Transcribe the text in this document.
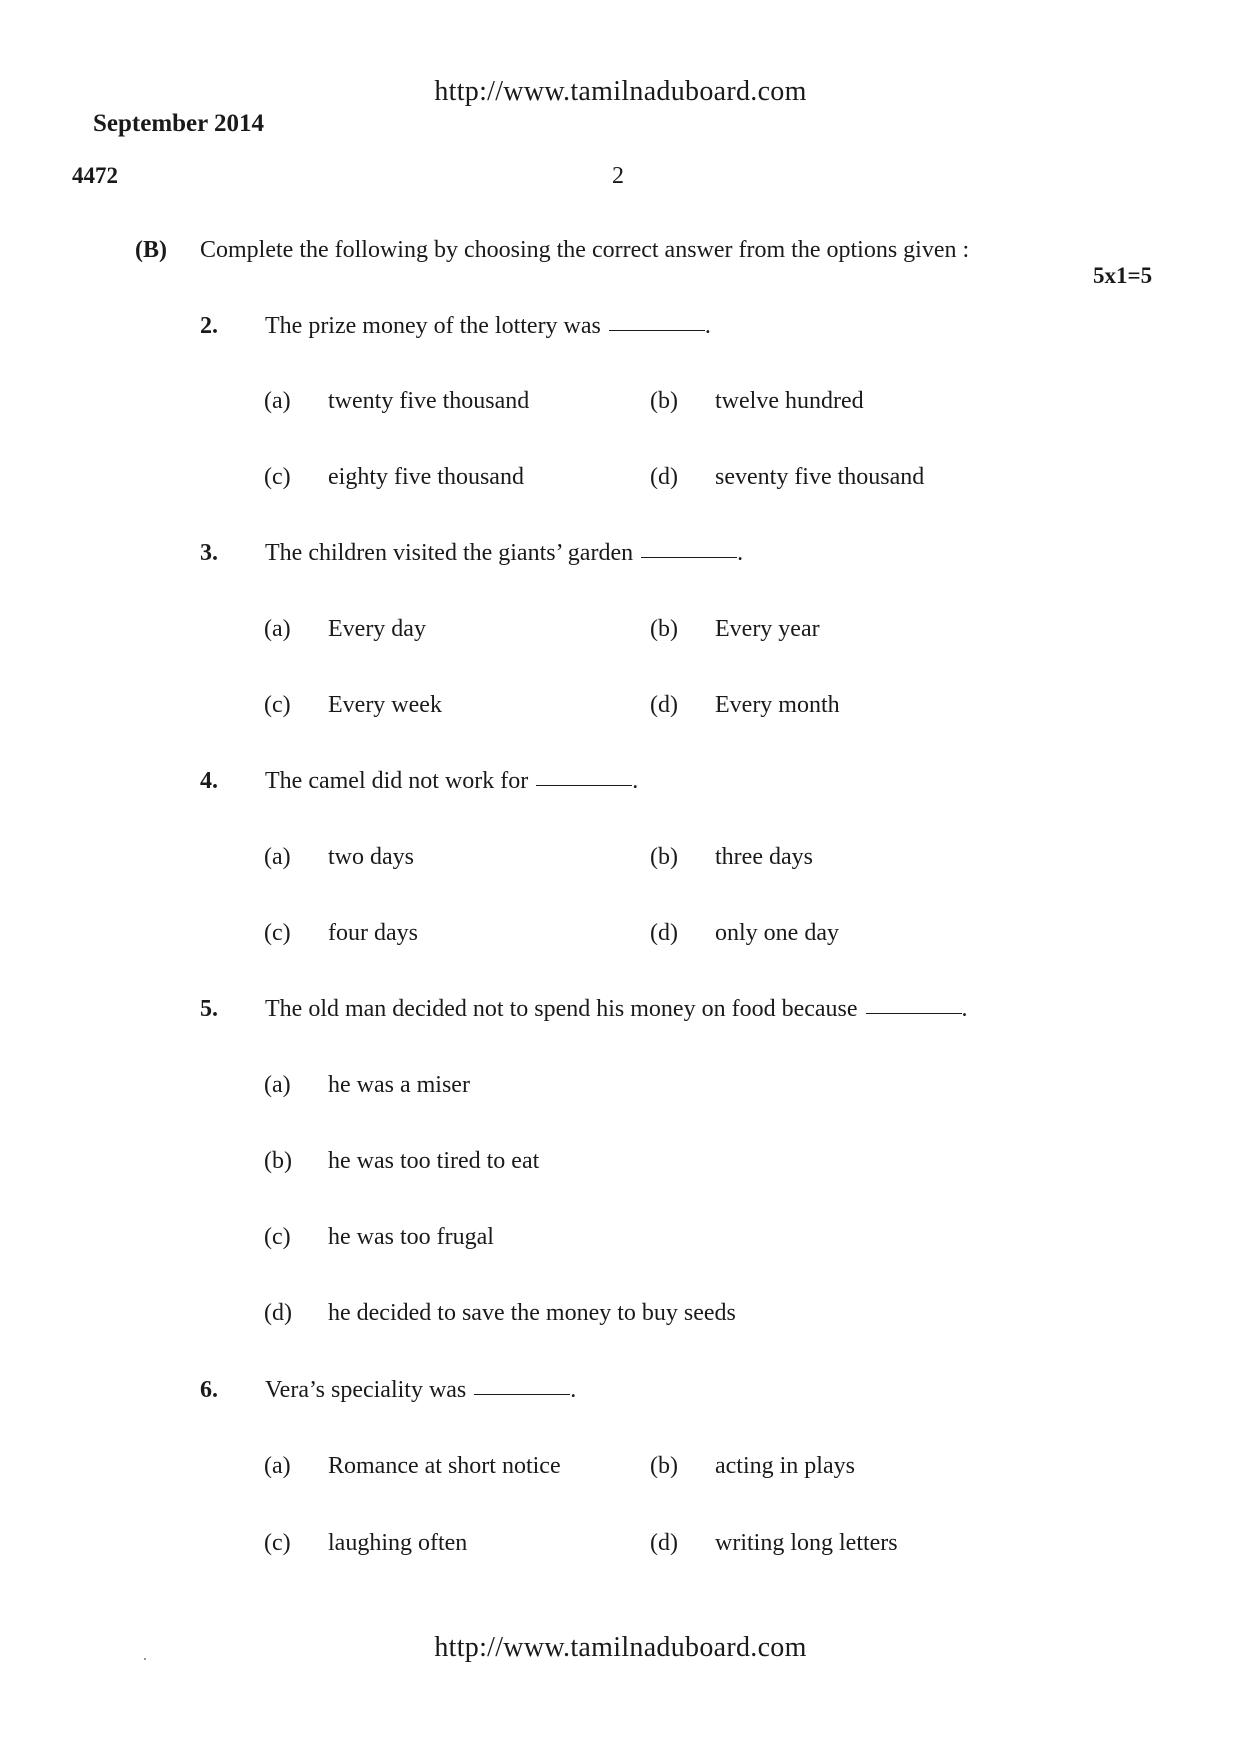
http://www.tamilnaduboard.com
September 2014
4472	2
(B) Complete the following by choosing the correct answer from the options given :
5x1=5
2. The prize money of the lottery was	.
(a) twenty five thousand	(b) twelve hundred
(c) eighty five thousand	(d) seventy five thousand
3. The children visited the giants’ garden	.
(a) Every day	(b) Every year
(c) Every week	(d) Every month
4. The camel did not work for	.
(a) two days	(b) three days
(c) four days	(d) only one day
5. The old man decided not to spend his money on food because	.
(a) he was a miser
(b) he was too tired to eat
(c) he was too frugal
(d) he decided to save the money to buy seeds
6. Vera’s speciality was	.
(a) Romance at short notice	(b) acting in plays
(c) laughing often	(d) writing long letters
http://www.tamilnaduboard.com
